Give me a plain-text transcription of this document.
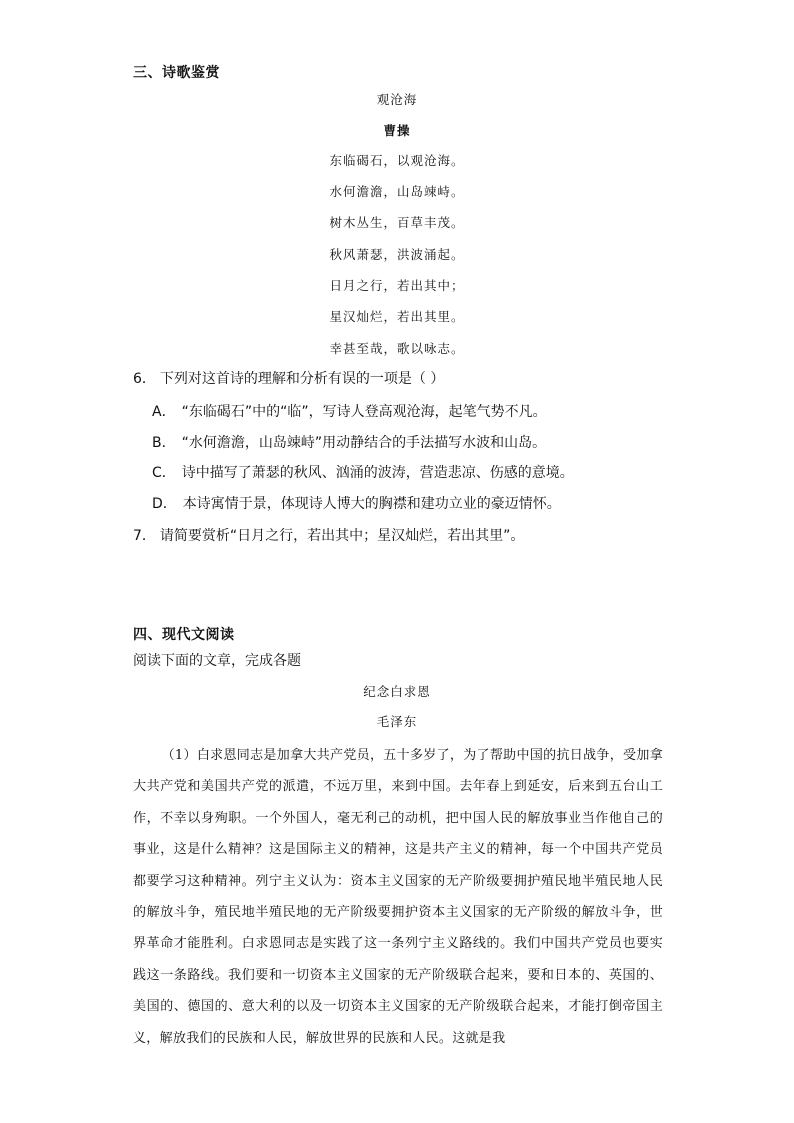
三、诗歌鉴赏
观沧海
曹操
东临碣石，以观沧海。
水何澹澹，山岛竦峙。
树木丛生，百草丰茂。
秋风萧瑟，洪波涌起。
日月之行，若出其中；
星汉灿烂，若出其里。
幸甚至哉，歌以咏志。
6． 下列对这首诗的理解和分析有误的一项是（ ）
A． “东临碣石”中的“临”，写诗人登高观沧海，起笔气势不凡。
B． “水何澹澹，山岛竦峙”用动静结合的手法描写水波和山岛。
C． 诗中描写了萧瑟的秋风、汹涌的波涛，营造悲凉、伤感的意境。
D． 本诗寓情于景，体现诗人博大的胸襟和建功立业的豪迈情怀。
7． 请简要赏析“日月之行，若出其中；星汉灿烂，若出其里”。
四、现代文阅读
阅读下面的文章，完成各题
纪念白求恩
毛泽东
（1）白求恩同志是加拿大共产党员，五十多岁了，为了帮助中国的抗日战争，受加拿大共产党和美国共产党的派遣，不远万里，来到中国。去年春上到延安，后来到五台山工作，不幸以身殉职。一个外国人，毫无利己的动机，把中国人民的解放事业当作他自己的事业，这是什么精神？这是国际主义的精神，这是共产主义的精神，每一个中国共产党员都要学习这种精神。列宁主义认为：资本主义国家的无产阶级要拥护殖民地半殖民地人民的解放斗争，殖民地半殖民地的无产阶级要拥护资本主义国家的无产阶级的解放斗争，世界革命才能胜利。白求恩同志是实践了这一条列宁主义路线的。我们中国共产党员也要实践这一条路线。我们要和一切资本主义国家的无产阶级联合起来，要和日本的、英国的、美国的、德国的、意大利的以及一切资本主义国家的无产阶级联合起来，才能打倒帝国主义，解放我们的民族和人民，解放世界的民族和人民。这就是我
